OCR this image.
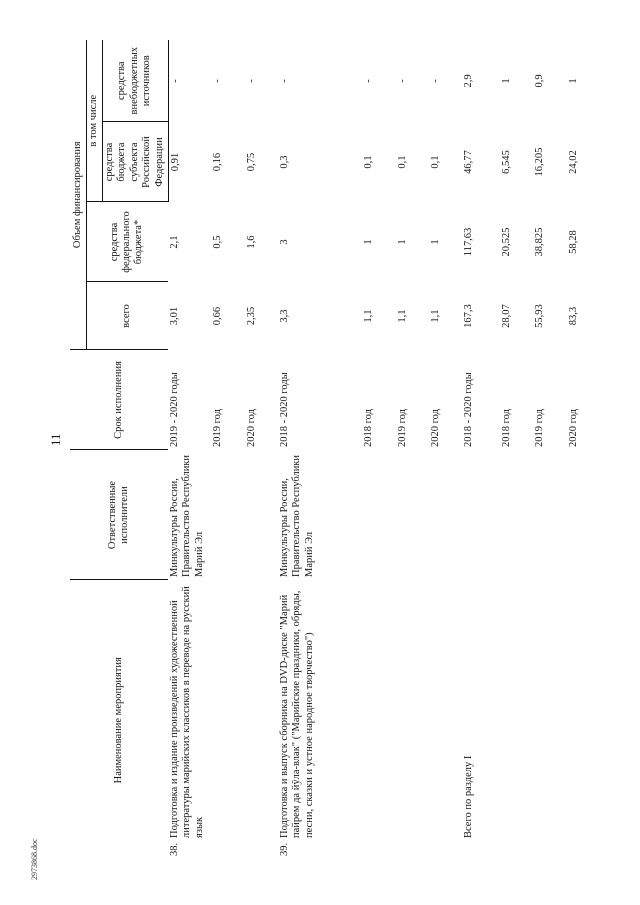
11
2973868.doc
Наименование мероприятия	Ответственные исполнители	Срок исполнения	Объем финансирования			
			всего	средства федерального бюджета*	в том числе	
					средства бюджета субъекта Российской Федерации	средства внебюджетных источников

38.
Подготовка и издание произведений художественной литературы марийских классиков в переводе на русский язык	Минкультуры России, Правительство Республики Марий Эл	2019 - 2020 годы	3,01	2,1	0,91	-

		2019 год	0,66	0,5	0,16	-

		2020 год	2,35	1,6	0,75	-

39.
Подготовка и выпуск сборника на DVD-диске "Марий пайрем да йÿла-влак" ("Марийские праздники, обряды, песни, сказки и устное народное творчество")	Минкультуры России, Правительство Республики Марий Эл	2018 - 2020 годы	3,3	3	0,3	-

		2018 год	1,1	1	0,1	-

		2019 год	1,1	1	0,1	-

		2020 год	1,1	1	0,1	-

Всего по разделу I		2018 - 2020 годы	167,3	117,63	46,77	2,9

		2018 год	28,07	20,525	6,545	1

		2019 год	55,93	38,825	16,205	0,9

		2020 год	83,3	58,28	24,02	1
